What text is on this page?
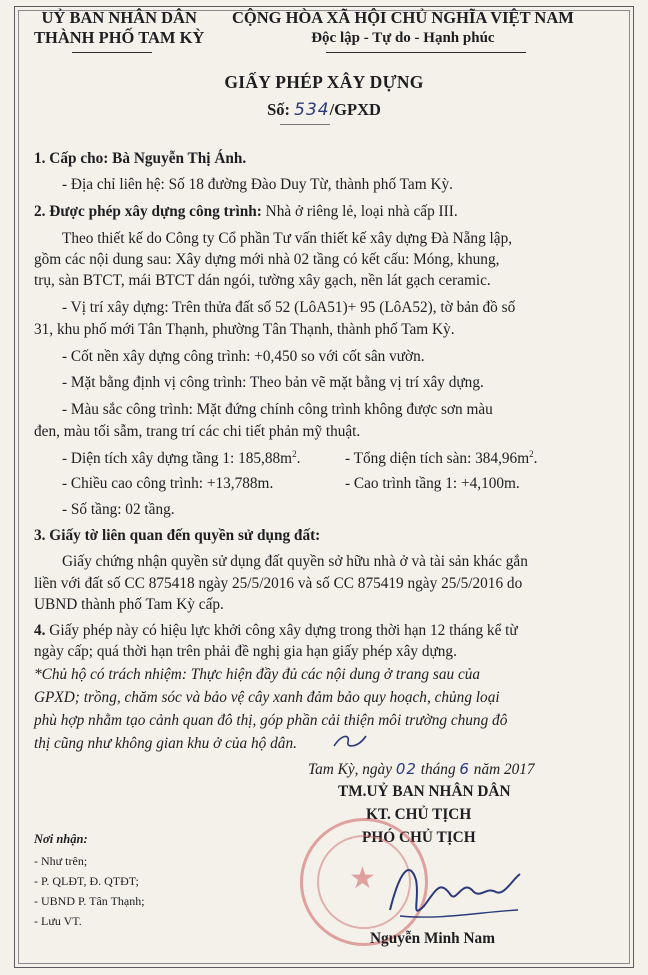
UỶ BAN NHÂN DÂN
THÀNH PHỐ TAM KỲ
CỘNG HÒA XÃ HỘI CHỦ NGHĨA VIỆT NAM
Độc lập - Tự do - Hạnh phúc
GIẤY PHÉP XÂY DỰNG
Số: 534/GPXD
1. Cấp cho: Bà Nguyễn Thị Ánh.
- Địa chỉ liên hệ: Số 18 đường Đào Duy Từ, thành phố Tam Kỳ.
2. Được phép xây dựng công trình: Nhà ở riêng lẻ, loại nhà cấp III.
Theo thiết kế do Công ty Cổ phần Tư vấn thiết kế xây dựng Đà Nẵng lập,
gồm các nội dung sau: Xây dựng mới nhà 02 tầng có kết cấu: Móng, khung,
trụ, sàn BTCT, mái BTCT dán ngói, tường xây gạch, nền lát gạch ceramic.
- Vị trí xây dựng: Trên thửa đất số 52 (LôA51)+ 95 (LôA52), tờ bản đồ số
31, khu phố mới Tân Thạnh, phường Tân Thạnh, thành phố Tam Kỳ.
- Cốt nền xây dựng công trình: +0,450 so với cốt sân vườn.
- Mặt bằng định vị công trình: Theo bản vẽ mặt bằng vị trí xây dựng.
- Màu sắc công trình: Mặt đứng chính công trình không được sơn màu
đen, màu tối sẫm, trang trí các chi tiết phản mỹ thuật.
- Diện tích xây dựng tầng 1: $185,88m^2$.	- Tổng diện tích sàn: $384,96m^2$.
- Chiều cao công trình: +13,788m.	- Cao trình tầng 1: +4,100m.
- Số tầng: 02 tầng.
3. Giấy tờ liên quan đến quyền sử dụng đất:
Giấy chứng nhận quyền sử dụng đất quyền sở hữu nhà ở và tài sản khác gắn
liền với đất số CC 875418 ngày 25/5/2016 và số CC 875419 ngày 25/5/2016 do
UBND thành phố Tam Kỳ cấp.
4. Giấy phép này có hiệu lực khởi công xây dựng trong thời hạn 12 tháng kể từ
ngày cấp; quá thời hạn trên phải đề nghị gia hạn giấy phép xây dựng.
*Chủ hộ có trách nhiệm: Thực hiện đầy đủ các nội dung ở trang sau của
GPXD; trồng, chăm sóc và bảo vệ cây xanh đảm bảo quy hoạch, chủng loại
phù hợp nhằm tạo cảnh quan đô thị, góp phần cải thiện môi trường chung đô
thị cũng như không gian khu ở của hộ dân.
Tam Kỳ, ngày 02 tháng 6 năm 2017
TM.UỶ BAN NHÂN DÂN
KT. CHỦ TỊCH
PHÓ CHỦ TỊCH
★
Nguyễn Minh Nam
Nơi nhận:
- Như trên;
- P. QLĐT, Đ. QTĐT;
- UBND P. Tân Thạnh;
- Lưu VT.
